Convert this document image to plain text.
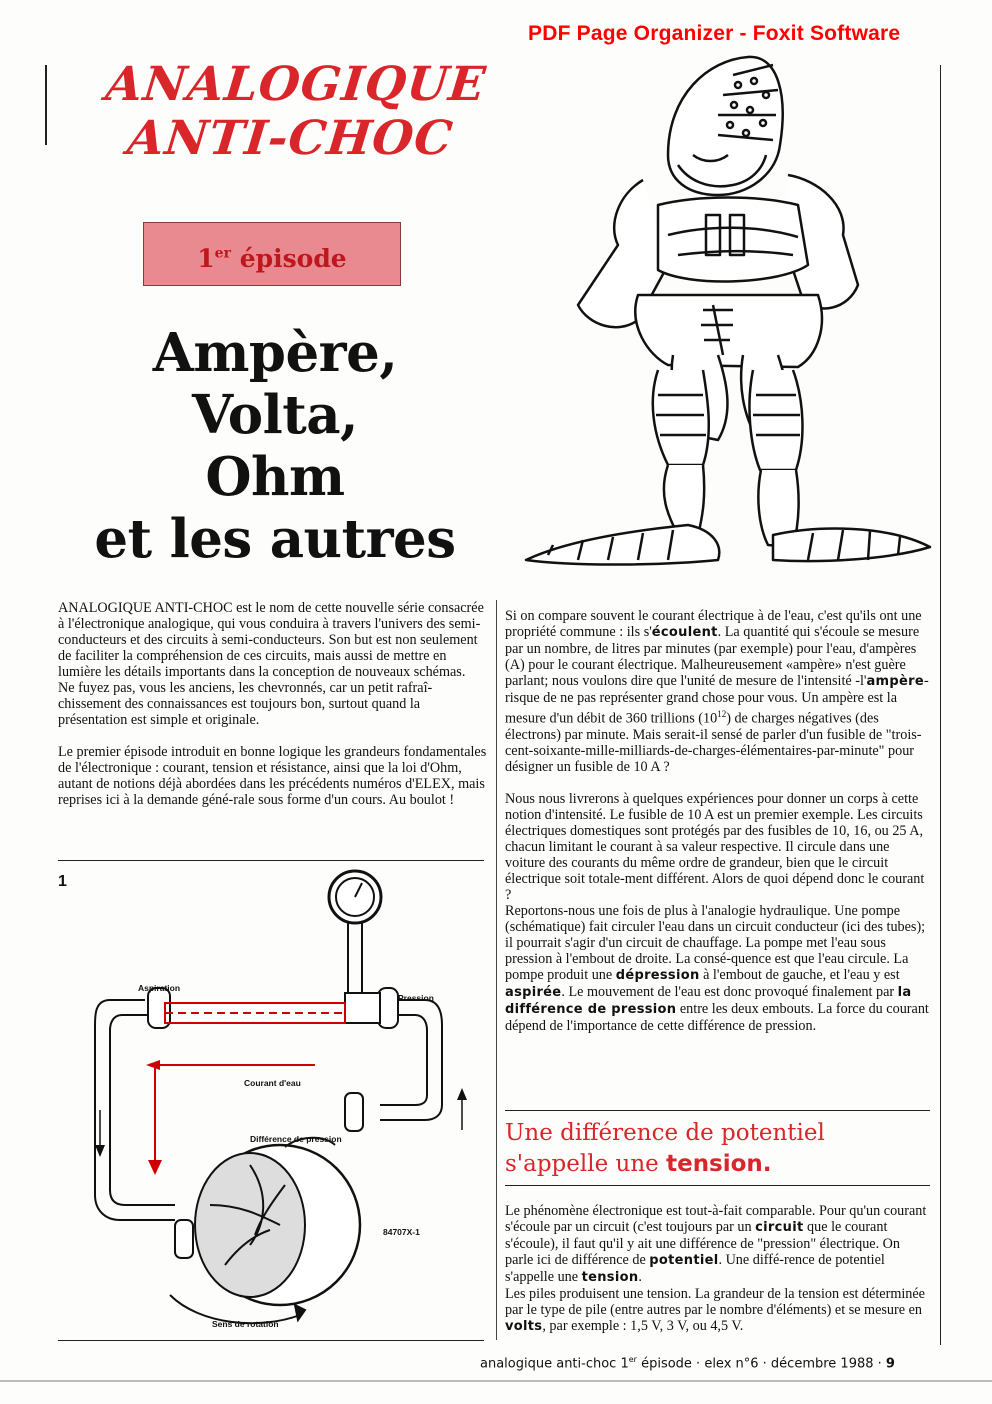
PDF Page Organizer - Foxit Software
ANALOGIQUE
ANTI-CHOC
1er épisode
Ampère,
Volta,
Ohm
et les autres

ANALOGIQUE ANTI-CHOC est le nom de cette nouvelle série consacrée à l'électronique analogique, qui vous conduira à travers l'univers des semi-conducteurs et des circuits à semi-conducteurs. Son but est non seulement de faciliter la compréhension de ces circuits, mais aussi de mettre en lumière les détails importants dans la conception de nouveaux schémas.

Ne fuyez pas, vous les anciens, les chevronnés, car un petit rafraî-chissement des connaissances est toujours bon, surtout quand la présentation est simple et originale.

Le premier épisode introduit en bonne logique les grandeurs fondamentales de l'électronique : courant, tension et résistance, ainsi que la loi d'Ohm, autant de notions déjà abordées dans les précédents numéros d'ELEX, mais reprises ici à la demande géné-rale sous forme d'un cours. Au boulot !

1
Aspiration
Pression
Courant d'eau
Différence de pression
84707X-1
Sens de rotation

Si on compare souvent le courant électrique à de l'eau, c'est qu'ils ont une propriété commune : ils s'écoulent. La quantité qui s'écoule se mesure par un nombre, de litres par minutes (par exemple) pour l'eau, d'ampères (A) pour le courant électrique. Malheureusement «ampère» n'est guère parlant; nous voulons dire que l'unité de mesure de l'intensité -l'ampère- risque de ne pas représenter grand chose pour vous. Un ampère est la mesure d'un débit de 360 trillions $(10^{12})$ de charges négatives (des électrons) par minute. Mais serait-il sensé de parler d'un fusible de "trois-cent-soixante-mille-milliards-de-charges-élémentaires-par-minute" pour désigner un fusible de 10 A ?

Nous nous livrerons à quelques expériences pour donner un corps à cette notion d'intensité. Le fusible de 10 A est un premier exemple. Les circuits électriques domestiques sont protégés par des fusibles de 10, 16, ou 25 A, chacun limitant le courant à sa valeur respective. Il circule dans une voiture des courants du même ordre de grandeur, bien que le circuit électrique soit totale-ment différent. Alors de quoi dépend donc le courant ?

Reportons-nous une fois de plus à l'analogie hydraulique. Une pompe (schématique) fait circuler l'eau dans un circuit conducteur (ici des tubes); il pourrait s'agir d'un circuit de chauffage. La pompe met l'eau sous pression à l'embout de droite. La consé-quence est que l'eau circule. La pompe produit une dépression à l'embout de gauche, et l'eau y est aspirée. Le mouvement de l'eau est donc provoqué finalement par la différence de pression entre les deux embouts. La force du courant dépend de l'importance de cette différence de pression.

Une différence de potentiel s'appelle une tension.

Le phénomène électronique est tout-à-fait comparable. Pour qu'un courant s'écoule par un circuit (c'est toujours par un circuit que le courant s'écoule), il faut qu'il y ait une différence de "pression" électrique. On parle ici de différence de potentiel. Une diffé-rence de potentiel s'appelle une tension.

Les piles produisent une tension. La grandeur de la tension est déterminée par le type de pile (entre autres par le nombre d'éléments) et se mesure en volts, par exemple : 1,5 V, 3 V, ou 4,5 V.

analogique anti-choc 1er épisode · elex n°6 · décembre 1988 · 9
